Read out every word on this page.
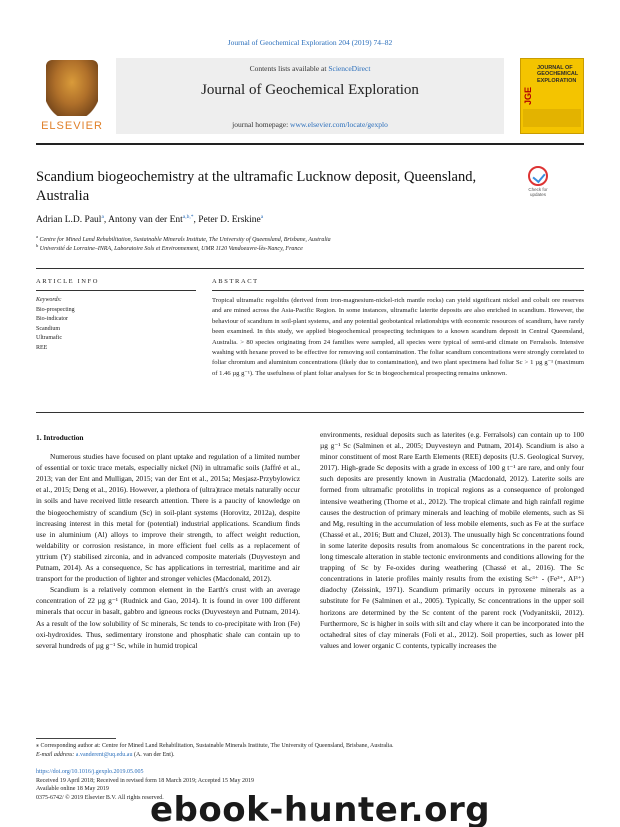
Journal of Geochemical Exploration 204 (2019) 74–82
ELSEVIER
Contents lists available at ScienceDirect
Journal of Geochemical Exploration
journal homepage: www.elsevier.com/locate/gexplo
JGE
JOURNAL OF
GEOCHEMICAL
EXPLORATION
Scandium biogeochemistry at the ultramafic Lucknow deposit, Queensland, Australia	Check for updates
Adrian L.D. Paul$^a$, Antony van der Ent$^{a,b,*}$, Peter D. Erskine$^a$
$^a$ Centre for Mined Land Rehabilitation, Sustainable Minerals Institute, The University of Queensland, Brisbane, Australia
$^b$ Université de Lorraine–INRA, Laboratoire Sols et Environnement, UMR 1120 Vandoeuvre-lès-Nancy, France
ARTICLE INFO	ABSTRACT
Keywords:
Bio-prospecting
Bio-indicator
Scandium
Ultramafic
REE
Tropical ultramafic regoliths (derived from iron-magnesium-nickel-rich mantle rocks) can yield significant nickel and cobalt ore reserves and are mined across the Asia-Pacific Region. In some instances, ultramafic laterite deposits are also enriched in scandium. However, the behaviour of scandium in soil-plant systems, and any potential geobotanical relationships with economic resources of scandium, have rarely been examined. In this study, we applied biogeochemical prospecting techniques to a known scandium deposit in Central Queensland, Australia. > 80 species originating from 24 families were sampled, all species were typical of semi-arid climate on Ferralsols. Intensive washing with hexane proved to be effective for removing soil contamination. The foliar scandium concentrations were strongly correlated to foliar chromium and aluminium concentrations (likely due to contamination), and two plant specimens had foliar Sc > 1 µg g⁻¹ (maximum of 1.46 µg g⁻¹). The usefulness of plant foliar analyses for Sc in biogeochemical prospecting remains unknown.
1. Introduction

Numerous studies have focused on plant uptake and regulation of a limited number of essential or toxic trace metals, especially nickel (Ni) in ultramafic soils (Jaffré et al., 2013; van der Ent and Mulligan, 2015; van der Ent et al., 2015a; Mesjasz-Przybylowicz et al., 2015; Deng et al., 2016). However, a plethora of (ultra)trace metals naturally occur in soils and have received little research attention. There is a paucity of knowledge on the biogeochemistry of scandium (Sc) in soil-plant systems (Horovitz, 2012a), despite increasing interest in this metal for (potential) industrial applications. Scandium finds use in aluminium (Al) alloys to improve their strength, to affect weight reduction, weldability or corrosion resistance, in more efficient fuel cells as a replacement of yttrium (Y) stabilised zirconia, and in advanced composite materials (Duyvesteyn and Putnam, 2014). As a consequence, Sc has applications in terrestrial, maritime and air transport for the production of lighter and stronger vehicles (Macdonald, 2012).

Scandium is a relatively common element in the Earth's crust with an average concentration of 22 µg g⁻¹ (Rudnick and Gao, 2014). It is found in over 100 different minerals that occur in basalt, gabbro and igneous rocks (Duyvesteyn and Putnam, 2014). As a result of the low solubility of Sc minerals, Sc tends to co-precipitate with Iron (Fe) oxi-hydroxides. Thus, sedimentary ironstone and phosphatic shale can contain up to several hundreds of µg g⁻¹ Sc, while in humid tropical

environments, residual deposits such as laterites (e.g. Ferralsols) can contain up to 100 µg g⁻¹ Sc (Salminen et al., 2005; Duyvesteyn and Putnam, 2014). Scandium is also a minor constituent of most Rare Earth Elements (REE) deposits (U.S. Geological Survey, 2017). High-grade Sc deposits with a grade in excess of 100 g t⁻¹ are rare, and only four such deposits are presently known in Australia (Macdonald, 2012). Laterite soils are formed from ultramafic protoliths in tropical regions as a consequence of prolonged intensive weathering (Thorne et al., 2012). The tropical climate and high rainfall regime causes the destruction of primary minerals and leaching of mobile elements, such as Si and Mg, resulting in the accumulation of less mobile elements, such as Fe at the surface (Chassé et al., 2016; Butt and Cluzel, 2013). The unusually high Sc concentrations found in some laterite deposits results from anomalous Sc concentrations in the parent rock, long timescale alteration in stable tectonic environments and conditions allowing for the trapping of Sc by Fe-oxides during weathering (Chassé et al., 2016). The Sc concentrations in laterie profiles mainly results from the existing Sc³⁺ - (Fe³⁺, Al³⁺) diadochy (Zeissink, 1971). Scandium primarily occurs in pyroxene minerals as a substitute for Fe (Salminen et al., 2005). Typically, Sc concentrations in the upper soil horizons are determined by the Sc content of the parent rock (Vodyanitskii, 2012). Furthermore, Sc is higher in soils with silt and clay where it can be incorporated into the octahedral sites of clay minerals (Foli et al., 2012). Soil properties, such as lower pH values and lower organic C contents, typically increases the

⁎ Corresponding author at: Centre for Mined Land Rehabilitation, Sustainable Minerals Institute, The University of Queensland, Brisbane, Australia.
E-mail address: a.vanderent@uq.edu.au (A. van der Ent).
https://doi.org/10.1016/j.gexplo.2019.05.005
Received 19 April 2018; Received in revised form 18 March 2019; Accepted 15 May 2019
Available online 18 May 2019
0375-6742/ © 2019 Elsevier B.V. All rights reserved.
ebook-hunter.org
